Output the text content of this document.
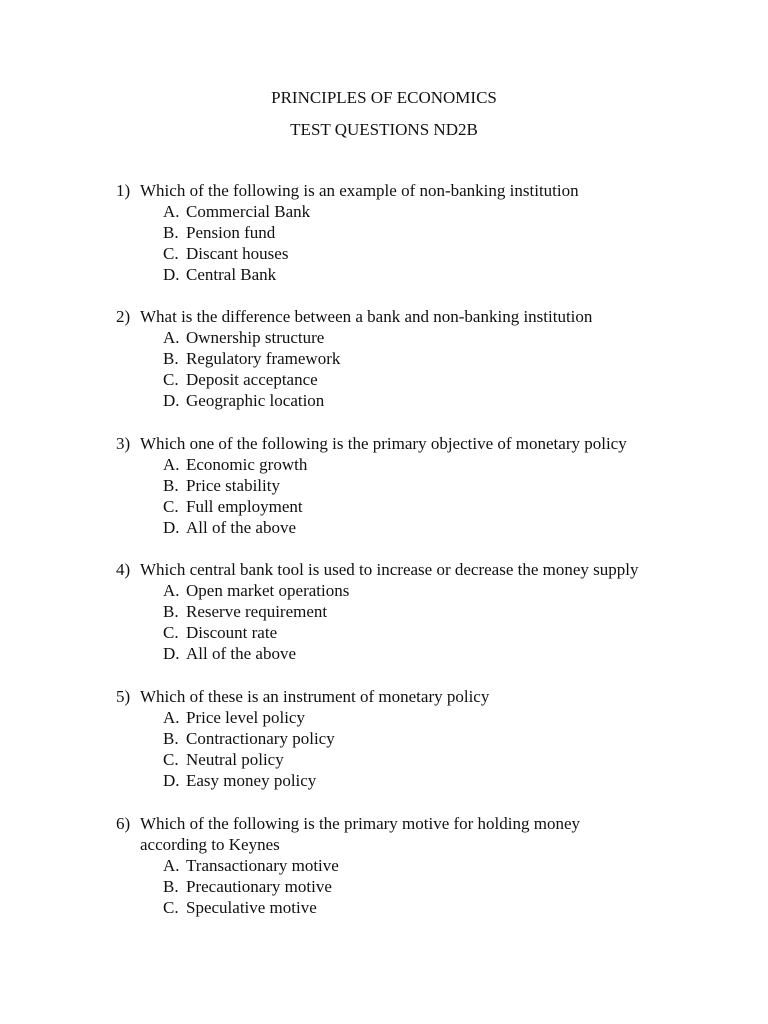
PRINCIPLES OF ECONOMICS
TEST QUESTIONS ND2B
1) Which of the following is an example of non-banking institution
A. Commercial Bank
B. Pension fund
C. Discant houses
D. Central Bank
2) What is the difference between a bank and non-banking institution
A. Ownership structure
B. Regulatory framework
C. Deposit acceptance
D. Geographic location
3) Which one of the following is the primary objective of monetary policy
A. Economic growth
B. Price stability
C. Full employment
D. All of the above
4) Which central bank tool is used to increase or decrease the money supply
A. Open market operations
B. Reserve requirement
C. Discount rate
D. All of the above
5) Which of these is an instrument of monetary policy
A. Price level policy
B. Contractionary policy
C. Neutral policy
D. Easy money policy
6) Which of the following is the primary motive for holding money
according to Keynes
A. Transactionary motive
B. Precautionary motive
C. Speculative motive
